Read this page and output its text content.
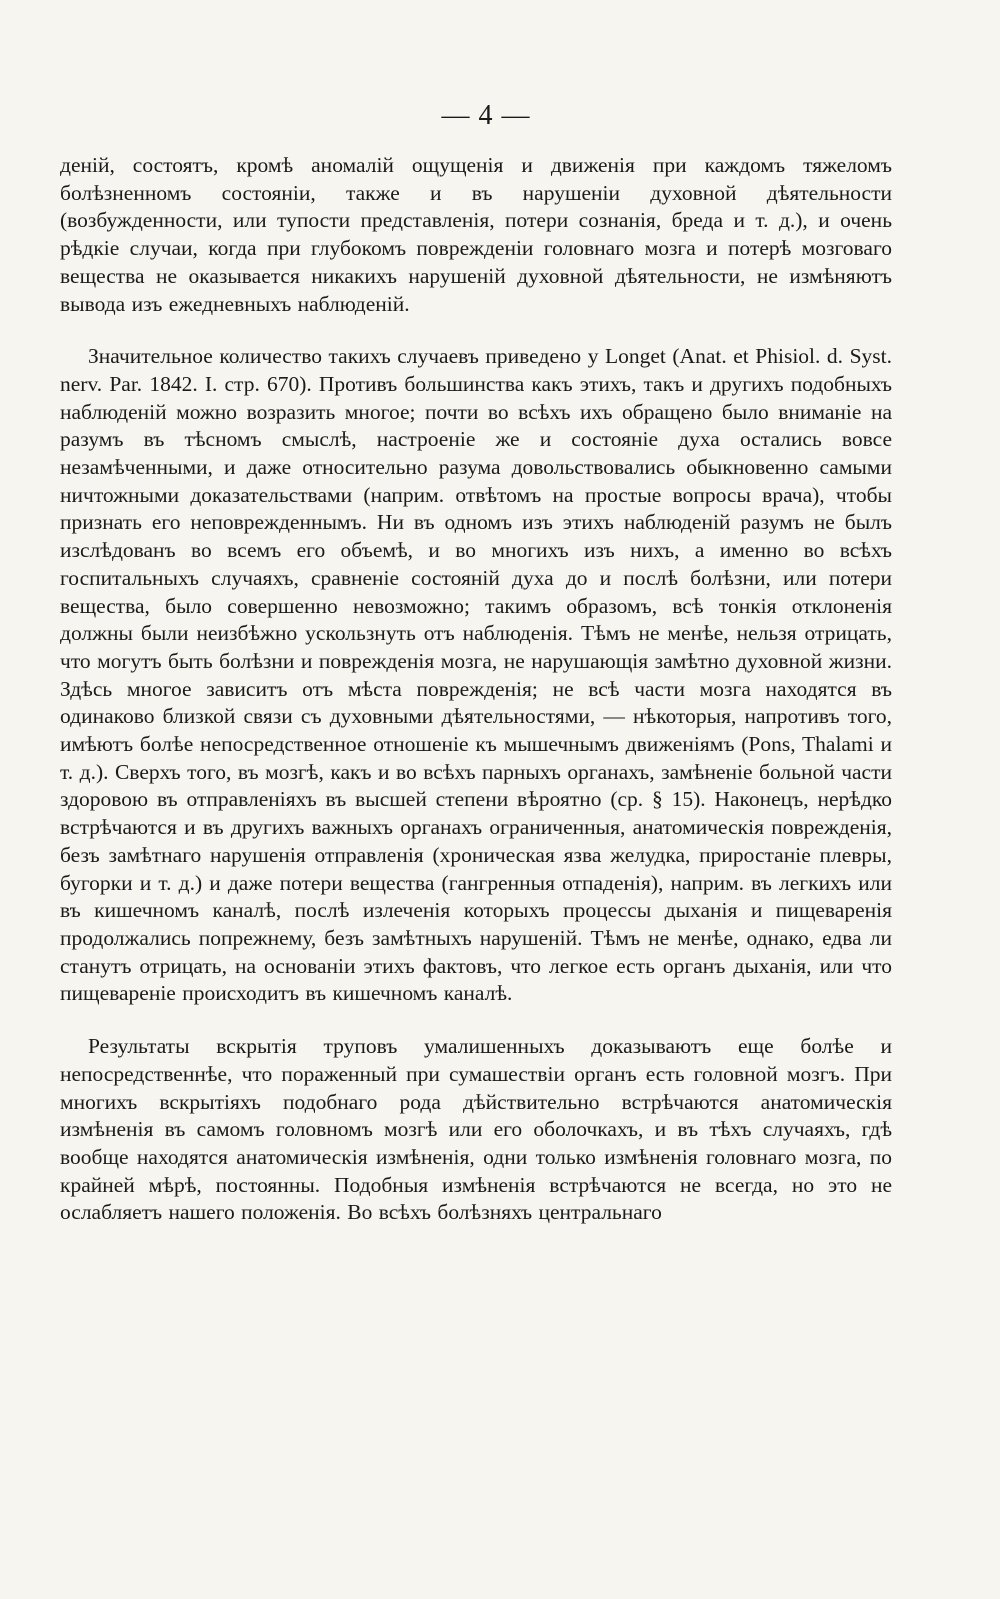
— 4 —

деній, состоятъ, кромѣ аномалій ощущенія и движенія при каждомъ тяжеломъ болѣзненномъ состояніи, также и въ нарушеніи духовной дѣятельности (возбужденности, или тупости представленія, потери сознанія, бреда и т. д.), и очень рѣдкіе случаи, когда при глубокомъ поврежденіи головнаго мозга и потерѣ мозговаго вещества не оказывается никакихъ нарушеній духовной дѣятельности, не измѣняютъ вывода изъ ежедневныхъ наблюденій.

Значительное количество такихъ случаевъ приведено у Longet (Anat. et Phisiol. d. Syst. nerv. Par. 1842. I. стр. 670). Противъ большинства какъ этихъ, такъ и другихъ подобныхъ наблюденій можно возразить многое; почти во всѣхъ ихъ обращено было вниманіе на разумъ въ тѣсномъ смыслѣ, настроеніе же и состояніе духа остались вовсе незамѣченными, и даже относительно разума довольствовались обыкновенно самыми ничтожными доказательствами (наприм. отвѣтомъ на простые вопросы врача), чтобы признать его неповрежденнымъ. Ни въ одномъ изъ этихъ наблюденій разумъ не былъ изслѣдованъ во всемъ его объемѣ, и во многихъ изъ нихъ, а именно во всѣхъ госпитальныхъ случаяхъ, сравненіе состояній духа до и послѣ болѣзни, или потери вещества, было совершенно невозможно; такимъ образомъ, всѣ тонкія отклоненія должны были неизбѣжно ускользнуть отъ наблюденія. Тѣмъ не менѣе, нельзя отрицать, что могутъ быть болѣзни и поврежденія мозга, не нарушающія замѣтно духовной жизни. Здѣсь многое зависитъ отъ мѣста поврежденія; не всѣ части мозга находятся въ одинаково близкой связи съ духовными дѣятельностями, — нѣкоторыя, напротивъ того, имѣютъ болѣе непосредственное отношеніе къ мышечнымъ движеніямъ (Pons, Thalami и т. д.). Сверхъ того, въ мозгѣ, какъ и во всѣхъ парныхъ органахъ, замѣненіе больной части здоровою въ отправленіяхъ въ высшей степени вѣроятно (ср. § 15). Наконецъ, нерѣдко встрѣчаются и въ другихъ важныхъ органахъ ограниченныя, анатомическія поврежденія, безъ замѣтнаго нарушенія отправленія (хроническая язва желудка, приростаніе плевры, бугорки и т. д.) и даже потери вещества (гангренныя отпаденія), наприм. въ легкихъ или въ кишечномъ каналѣ, послѣ излеченія которыхъ процессы дыханія и пищеваренія продолжались попрежнему, безъ замѣтныхъ нарушеній. Тѣмъ не менѣе, однако, едва ли станутъ отрицать, на основаніи этихъ фактовъ, что легкое есть органъ дыханія, или что пищевареніе происходитъ въ кишечномъ каналѣ.

Результаты вскрытія труповъ умалишенныхъ доказываютъ еще болѣе и непосредственнѣе, что пораженный при сумашествіи органъ есть головной мозгъ. При многихъ вскрытіяхъ подобнаго рода дѣйствительно встрѣчаются анатомическія измѣненія въ самомъ головномъ мозгѣ или его оболочкахъ, и въ тѣхъ случаяхъ, гдѣ вообще находятся анатомическія измѣненія, одни только измѣненія головнаго мозга, по крайней мѣрѣ, постоянны. Подобныя измѣненія встрѣчаются не всегда, но это не ослабляетъ нашего положенія. Во всѣхъ болѣзняхъ центральнаго
